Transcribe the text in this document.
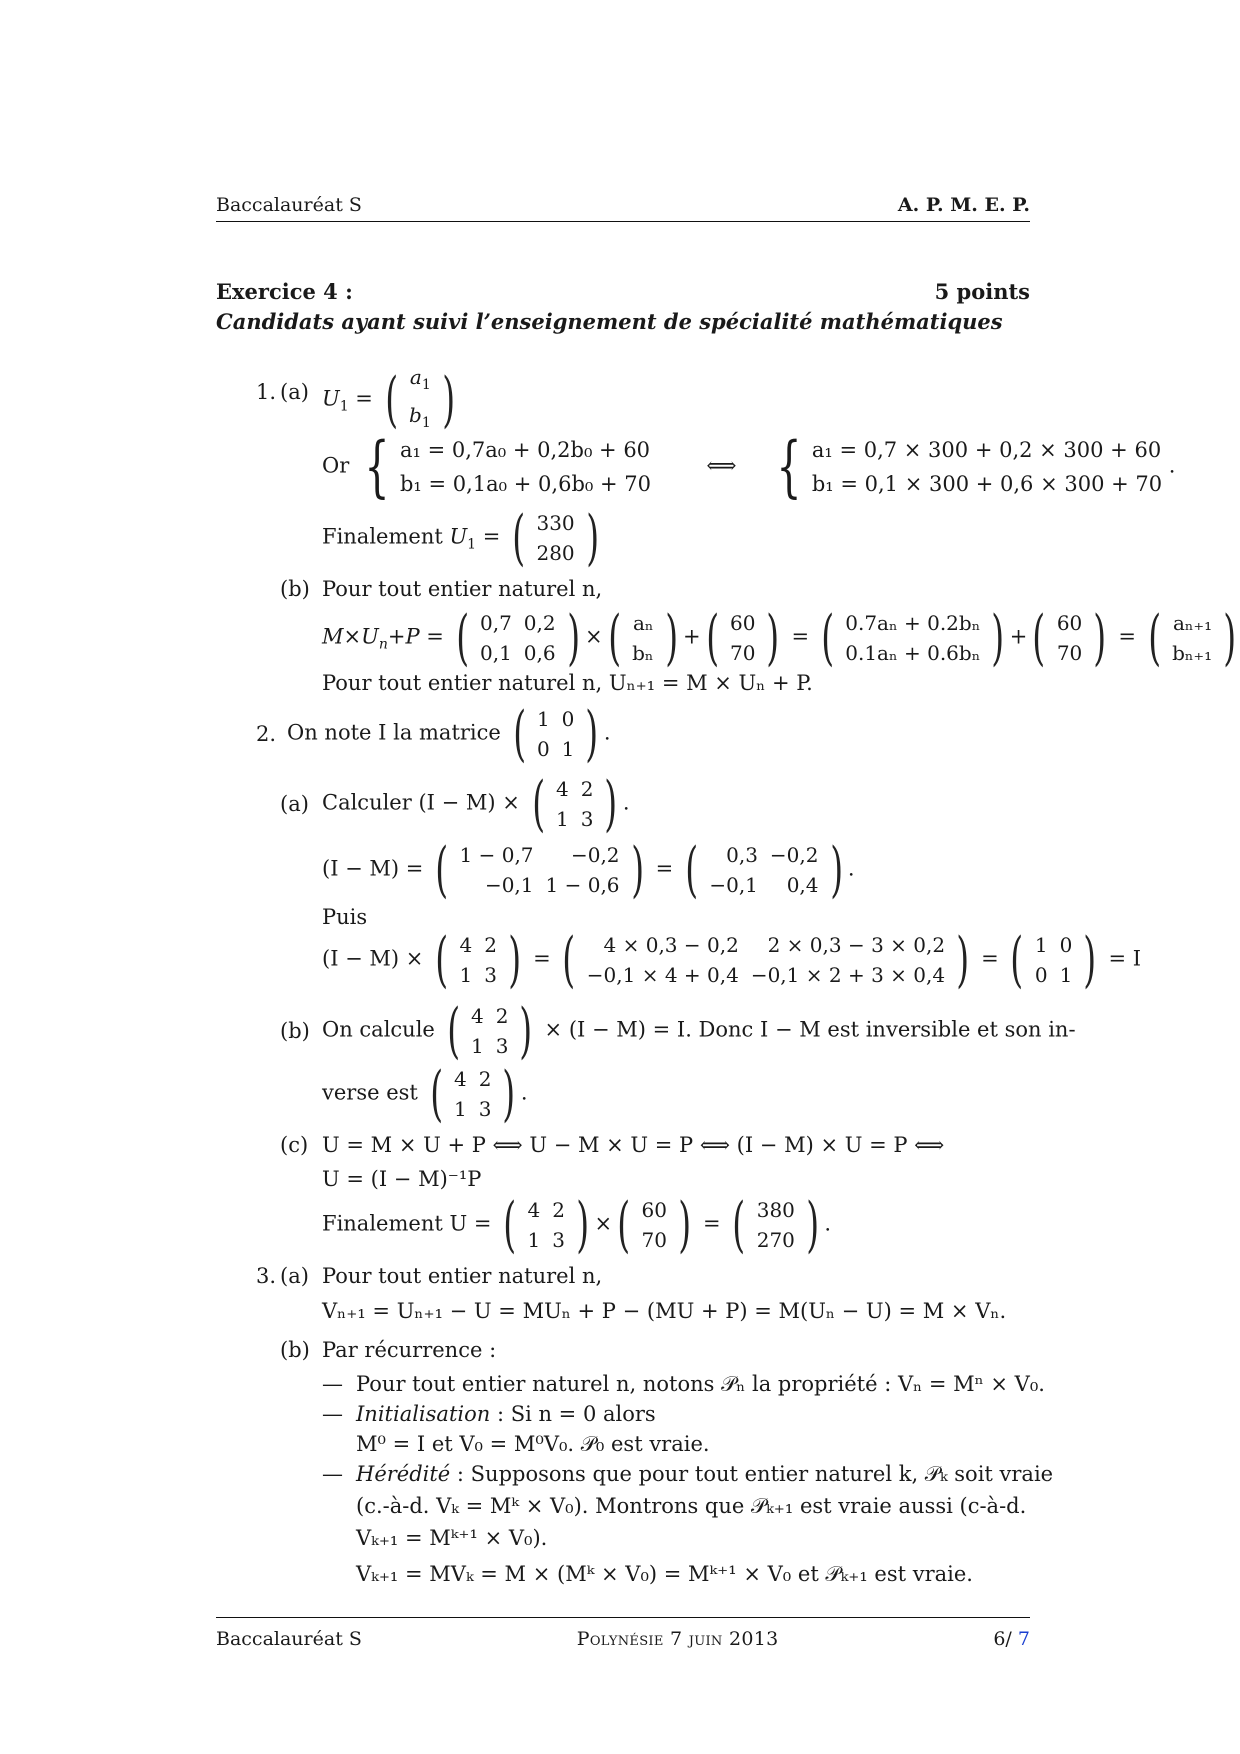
Baccalauréat S	A. P. M. E. P.
Exercice 4 :	5 points
Candidats ayant suivi l’enseignement de spécialité mathématiques
1. (a) $U_1$ = ( $a_1$
$b_1$ )
Or { a₁ = 0,7a₀ + 0,2b₀ + 60
b₁ = 0,1a₀ + 0,6b₀ + 70
⟺ { a₁ = 0,7 × 300 + 0,2 × 300 + 60
b₁ = 0,1 × 300 + 0,6 × 300 + 70
.
Finalement $U_1$ = ( 330
280 )
(b) Pour tout entier naturel n,
$M\times U_n+P$ = ( 0,7	0,2
0,1	0,6 ) × ( aₙ
bₙ ) + ( 60
70 ) = ( 0.7aₙ + 0.2bₙ
0.1aₙ + 0.6bₙ ) + ( 60
70 ) = ( aₙ₊₁
bₙ₊₁ )
Pour tout entier naturel n, Uₙ₊₁ = M × Uₙ + P.
2. On note I la matrice ( 1	0
0	1 ) .
(a) Calculer (I − M) × ( 4	2
1	3 ) .
(I − M) = ( 1 − 0,7	−0,2
−0,1	1 − 0,6 ) = ( 0,3	−0,2
−0,1	0,4 ) .
Puis
(I − M) × ( 4	2
1	3 ) = ( 4 × 0,3 − 0,2	2 × 0,3 − 3 × 0,2
−0,1 × 4 + 0,4	−0,1 × 2 + 3 × 0,4 ) = ( 1	0
0	1 ) = I
(b) On calcule ( 4	2
1	3 ) × (I − M) = I. Donc I − M est inversible et son in-
verse est ( 4	2
1	3 ) .
(c) U = M × U + P ⟺ U − M × U = P ⟺ (I − M) × U = P ⟺
U = (I − M)⁻¹P
Finalement U = ( 4	2
1	3 ) × ( 60
70 ) = ( 380
270 ) .
3. (a) Pour tout entier naturel n,
Vₙ₊₁ = Uₙ₊₁ − U = MUₙ + P − (MU + P) = M(Uₙ − U) = M × Vₙ.
(b) Par récurrence :
— Pour tout entier naturel n, notons 𝒫ₙ la propriété : Vₙ = Mⁿ × V₀.
— Initialisation : Si n = 0 alors
M⁰ = I et V₀ = M⁰V₀. 𝒫₀ est vraie.
— Hérédité : Supposons que pour tout entier naturel k, 𝒫ₖ soit vraie
(c.-à-d. Vₖ = Mᵏ × V₀). Montrons que 𝒫ₖ₊₁ est vraie aussi (c-à-d.
Vₖ₊₁ = Mᵏ⁺¹ × V₀).
Vₖ₊₁ = MVₖ = M × (Mᵏ × V₀) = Mᵏ⁺¹ × V₀ et 𝒫ₖ₊₁ est vraie.
Baccalauréat S	Polynésie 7 juin 2013	6/ 7
